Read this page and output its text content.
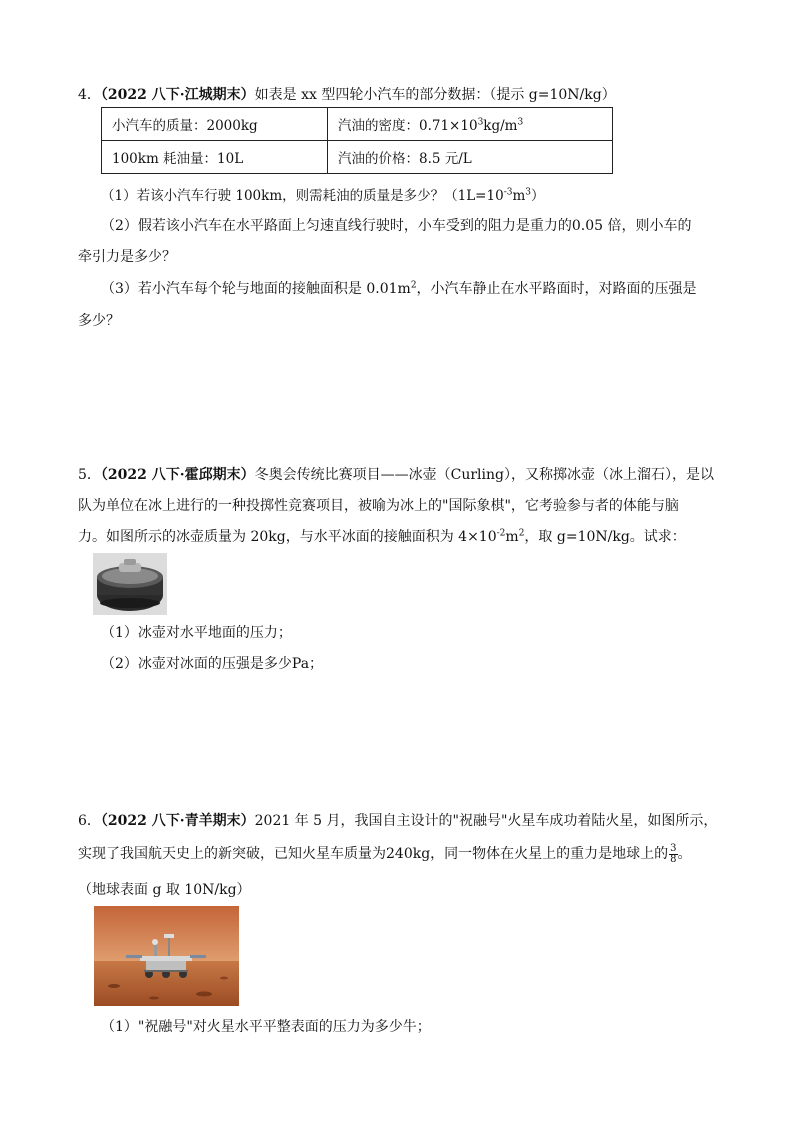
4．（2022 八下·江城期末）如表是 xx 型四轮小汽车的部分数据：（提示 g=10N/kg）
小汽车的质量：2000kg	汽油的密度：$0.71\times 10^3kg/m^3$
100km 耗油量：10L	汽油的价格：8.5 元/L
（1）若该小汽车行驶 100km，则需耗油的质量是多少？$(1L=10^{-3}m^3)$
（2）假若该小汽车在水平路面上匀速直线行驶时，小车受到的阻力是重力的0.05 倍，则小车的
牵引力是多少？
（3）若小汽车每个轮与地面的接触面积是 $0.01m^2$，小汽车静止在水平路面时，对路面的压强是
多少？
5．（2022 八下·霍邱期末）冬奥会传统比赛项目——冰壶（Curling），又称掷冰壶（冰上溜石），是以
队为单位在冰上进行的一种投掷性竞赛项目，被喻为冰上的"国际象棋"，它考验参与者的体能与脑
力。如图所示的冰壶质量为 20kg，与水平冰面的接触面积为 $4\times 10^{-2}m^2$，取 g=10N/kg。试求：
（1）冰壶对水平地面的压力；
（2）冰壶对冰面的压强是多少Pa；
6．（2022 八下·青羊期末）2021 年 5 月，我国自主设计的"祝融号"火星车成功着陆火星，如图所示，
实现了我国航天史上的新突破，已知火星车质量为240kg，同一物体在火星上的重力是地球上的 $\frac{3}{8}$ 。
（地球表面 g 取 10N/kg）
（1）"祝融号"对火星水平平整表面的压力为多少牛；
